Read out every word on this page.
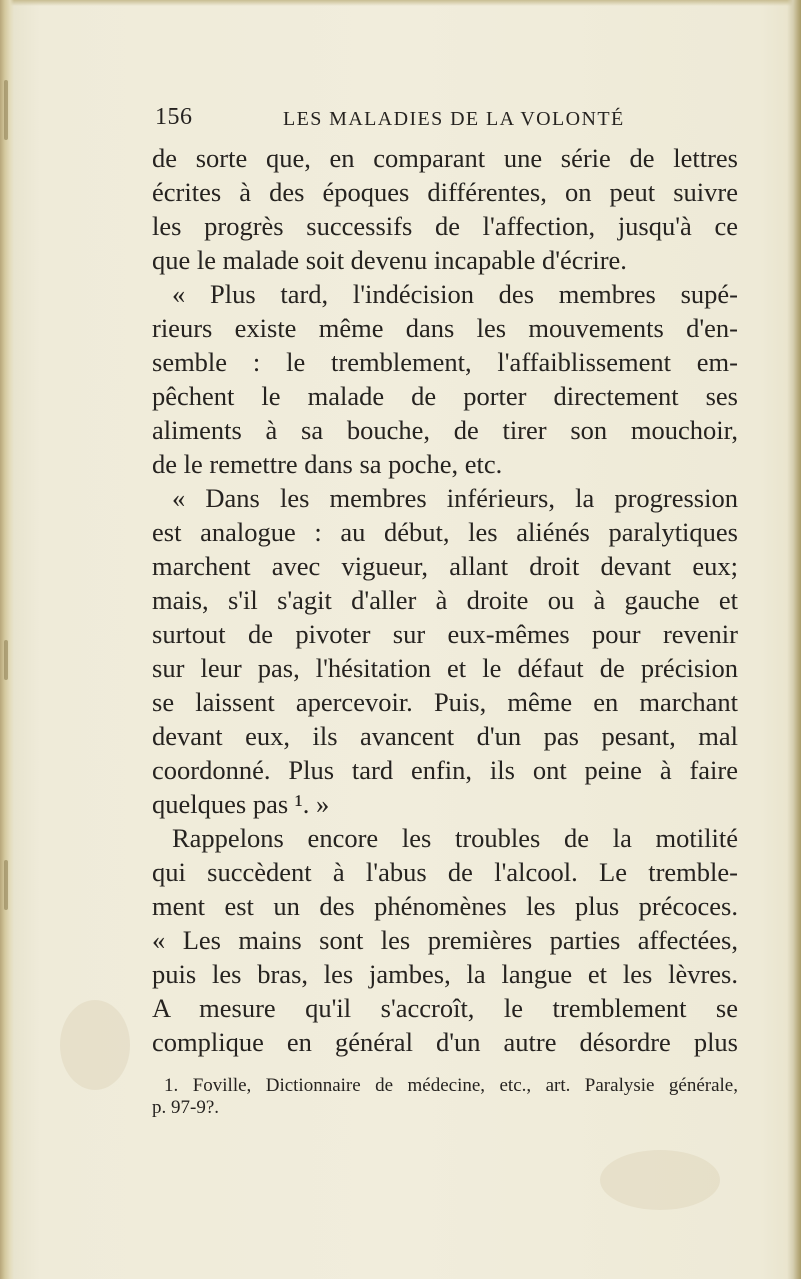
156	LES MALADIES DE LA VOLONTÉ
de sorte que, en comparant une série de lettres
écrites à des époques différentes, on peut suivre
les progrès successifs de l'affection, jusqu'à ce
que le malade soit devenu incapable d'écrire.
« Plus tard, l'indécision des membres supé-
rieurs existe même dans les mouvements d'en-
semble : le tremblement, l'affaiblissement em-
pêchent le malade de porter directement ses
aliments à sa bouche, de tirer son mouchoir,
de le remettre dans sa poche, etc.
« Dans les membres inférieurs, la progression
est analogue : au début, les aliénés paralytiques
marchent avec vigueur, allant droit devant eux;
mais, s'il s'agit d'aller à droite ou à gauche et
surtout de pivoter sur eux-mêmes pour revenir
sur leur pas, l'hésitation et le défaut de précision
se laissent apercevoir. Puis, même en marchant
devant eux, ils avancent d'un pas pesant, mal
coordonné. Plus tard enfin, ils ont peine à faire
quelques pas ¹. »
Rappelons encore les troubles de la motilité
qui succèdent à l'abus de l'alcool. Le tremble-
ment est un des phénomènes les plus précoces.
« Les mains sont les premières parties affectées,
puis les bras, les jambes, la langue et les lèvres.
A mesure qu'il s'accroît, le tremblement se
complique en général d'un autre désordre plus
1. Foville, Dictionnaire de médecine, etc., art. Paralysie générale,
p. 97-9?.
